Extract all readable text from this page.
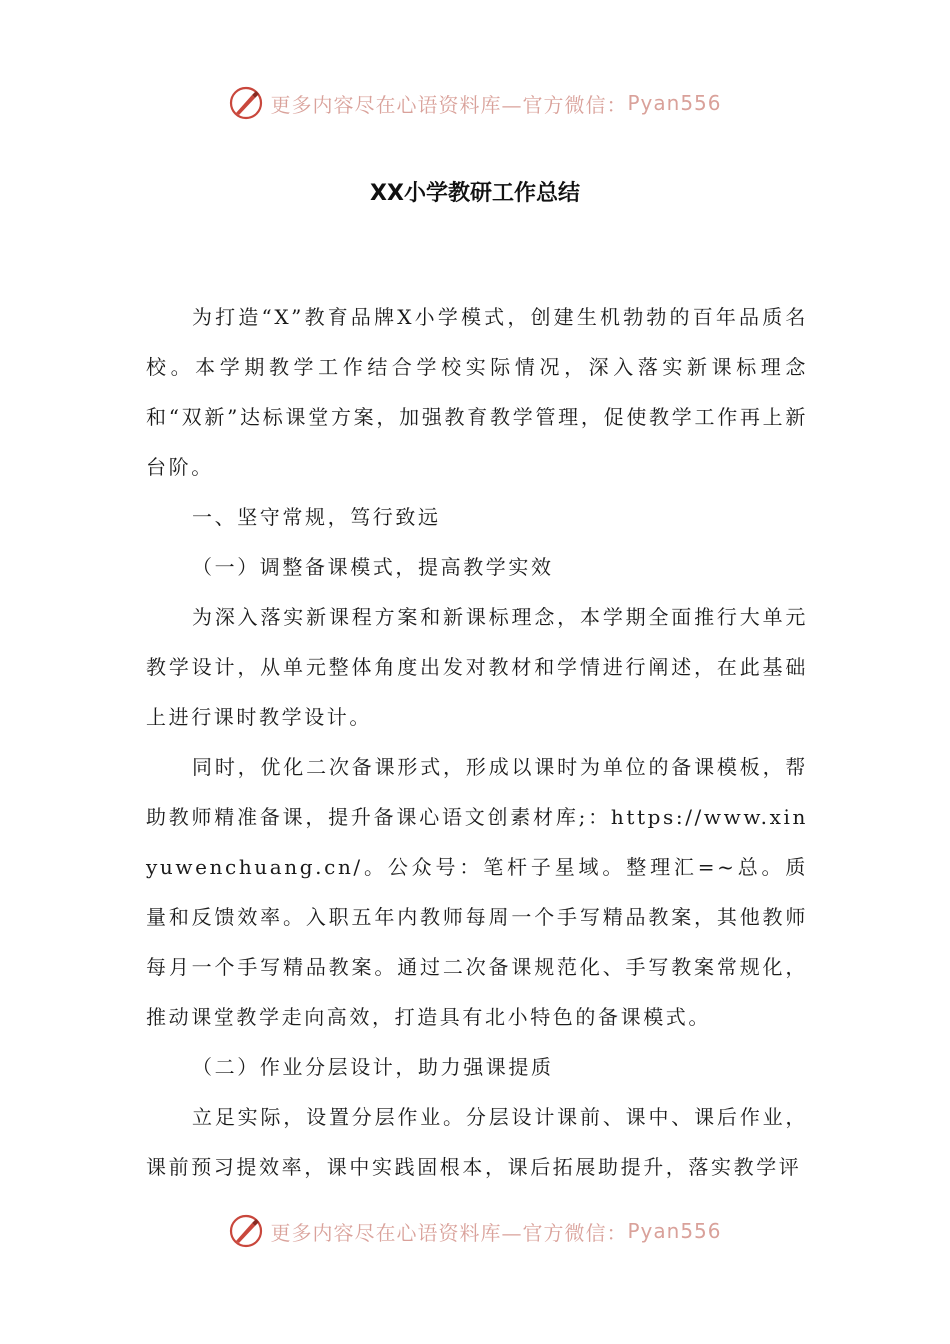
更多内容尽在心语资料库—官方微信： Pyan556
XX小学教研工作总结

为打造“X”教育品牌X小学模式，创建生机勃勃的百年品质名校。本学期教学工作结合学校实际情况，深入落实新课标理念和“双新”达标课堂方案，加强教育教学管理，促使教学工作再上新台阶。

一、坚守常规，笃行致远

（一）调整备课模式，提高教学实效

为深入落实新课程方案和新课标理念，本学期全面推行大单元教学设计，从单元整体角度出发对教材和学情进行阐述，在此基础上进行课时教学设计。

同时，优化二次备课形式，形成以课时为单位的备课模板，帮助教师精准备课，提升备课心语文创素材库;：https://www.xinyuwenchuang.cn/。公众号：笔杆子星域。整理汇=~总。质量和反馈效率。入职五年内教师每周一个手写精品教案，其他教师每月一个手写精品教案。通过二次备课规范化、手写教案常规化，推动课堂教学走向高效，打造具有北小特色的备课模式。

（二）作业分层设计，助力强课提质

立足实际，设置分层作业。分层设计课前、课中、课后作业，课前预习提效率，课中实践固根本，课后拓展助提升，落实教学评

更多内容尽在心语资料库—官方微信： Pyan556
